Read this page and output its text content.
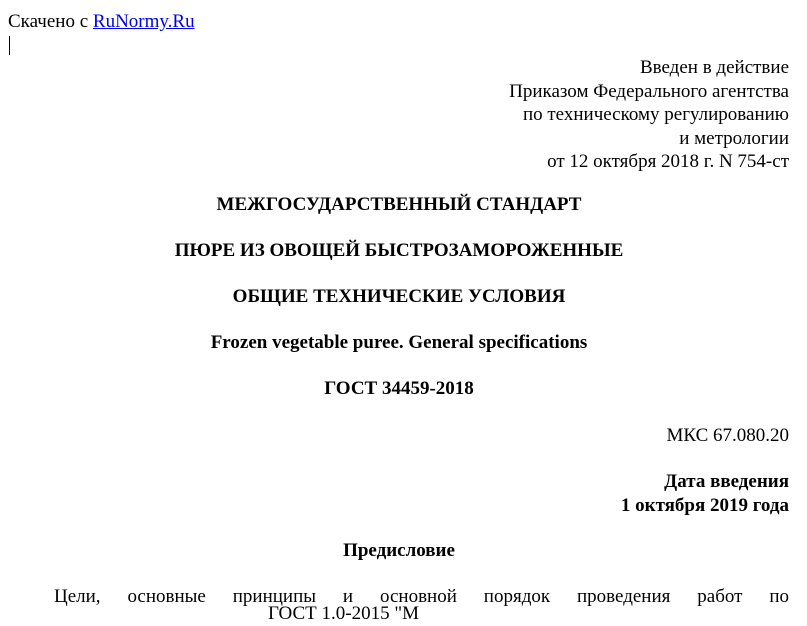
Скачено с RuNormy.Ru
Введен в действие
Приказом Федерального агентства
по техническому регулированию
и метрологии
от 12 октября 2018 г. N 754-ст
МЕЖГОСУДАРСТВЕННЫЙ СТАНДАРТ
ПЮРЕ ИЗ ОВОЩЕЙ БЫСТРОЗАМОРОЖЕННЫЕ
ОБЩИЕ ТЕХНИЧЕСКИЕ УСЛОВИЯ
Frozen vegetable puree. General specifications
ГОСТ 34459-2018
МКС 67.080.20
Дата введения
1 октября 2019 года
Предисловие
Цели, основные принципы и основной порядок проведения работ по
ГОСТ 1.0-2015 "М
